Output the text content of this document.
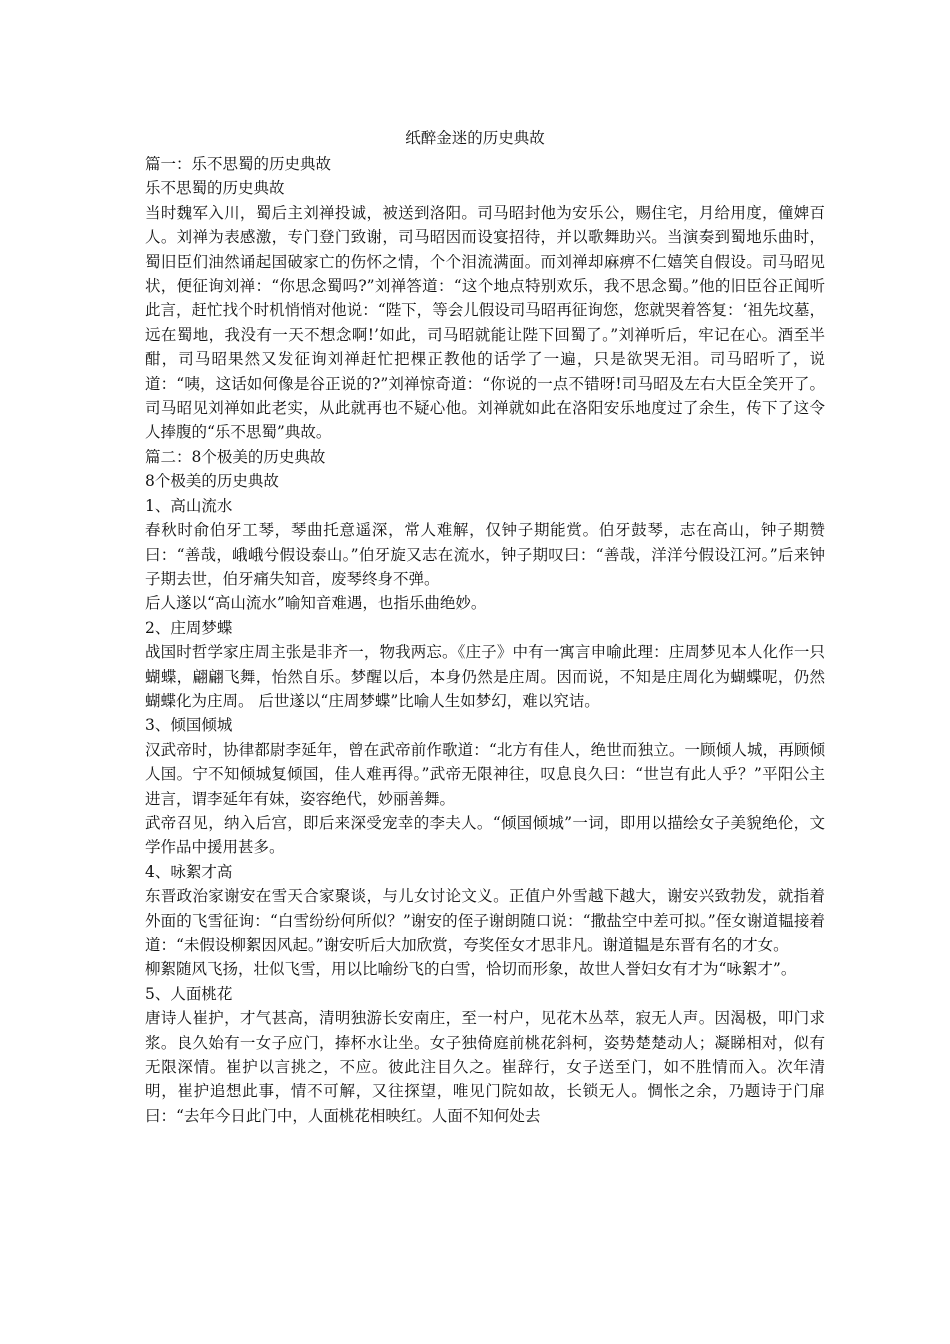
纸醉金迷的历史典故

篇一：乐不思蜀的历史典故

乐不思蜀的历史典故

当时魏军入川，蜀后主刘禅投诚，被送到洛阳。司马昭封他为安乐公，赐住宅，月给用度，僮婢百人。刘禅为表感激，专门登门致谢，司马昭因而设宴招待，并以歌舞助兴。当演奏到蜀地乐曲时，蜀旧臣们油然诵起国破家亡的伤怀之情，个个泪流满面。而刘禅却麻痹不仁嬉笑自假设。司马昭见状，便征询刘禅：“你思念蜀吗?”刘禅答道：“这个地点特别欢乐，我不思念蜀。”他的旧臣谷正闻听此言，赶忙找个时机悄悄对他说：“陛下，等会儿假设司马昭再征询您，您就哭着答复：‘祖先坟墓，远在蜀地，我没有一天不想念啊!’如此，司马昭就能让陛下回蜀了。”刘禅听后，牢记在心。酒至半酣，司马昭果然又发征询刘禅赶忙把棵正教他的话学了一遍，只是欲哭无泪。司马昭听了，说道：“咦，这话如何像是谷正说的?”刘禅惊奇道：“你说的一点不错呀!司马昭及左右大臣全笑开了。司马昭见刘禅如此老实，从此就再也不疑心他。刘禅就如此在洛阳安乐地度过了余生，传下了这令人捧腹的“乐不思蜀”典故。

篇二：8个极美的历史典故

8个极美的历史典故

1、高山流水

春秋时俞伯牙工琴，琴曲托意遥深，常人难解，仅钟子期能赏。伯牙鼓琴，志在高山，钟子期赞曰：“善哉，峨峨兮假设泰山。”伯牙旋又志在流水，钟子期叹曰：“善哉，洋洋兮假设江河。”后来钟子期去世，伯牙痛失知音，废琴终身不弹。

后人遂以“高山流水”喻知音难遇，也指乐曲绝妙。

2、庄周梦蝶

战国时哲学家庄周主张是非齐一，物我两忘。《庄子》中有一寓言申喻此理：庄周梦见本人化作一只蝴蝶，翩翩飞舞，怡然自乐。梦醒以后，本身仍然是庄周。因而说，不知是庄周化为蝴蝶呢，仍然蝴蝶化为庄周。 后世遂以“庄周梦蝶”比喻人生如梦幻，难以究诘。

3、倾国倾城

汉武帝时，协律都尉李延年，曾在武帝前作歌道：“北方有佳人，绝世而独立。一顾倾人城，再顾倾人国。宁不知倾城复倾国，佳人难再得。”武帝无限神往，叹息良久曰：“世岂有此人乎？”平阳公主进言，谓李延年有妹，姿容绝代，妙丽善舞。

武帝召见，纳入后宫，即后来深受宠幸的李夫人。“倾国倾城”一词，即用以描绘女子美貌绝伦，文学作品中援用甚多。

4、咏絮才高

东晋政治家谢安在雪天合家聚谈，与儿女讨论文义。正值户外雪越下越大，谢安兴致勃发，就指着外面的飞雪征询：“白雪纷纷何所似？”谢安的侄子谢朗随口说：“撒盐空中差可拟。”侄女谢道韫接着道：“未假设柳絮因风起。”谢安听后大加欣赏，夸奖侄女才思非凡。谢道韫是东晋有名的才女。

柳絮随风飞扬，壮似飞雪，用以比喻纷飞的白雪，恰切而形象，故世人誉妇女有才为“咏絮才”。

5、人面桃花

唐诗人崔护，才气甚高，清明独游长安南庄，至一村户，见花木丛萃，寂无人声。因渴极，叩门求浆。良久始有一女子应门，捧杯水让坐。女子独倚庭前桃花斜柯，姿势楚楚动人；凝睇相对，似有无限深情。崔护以言挑之，不应。彼此注目久之。崔辞行，女子送至门，如不胜情而入。次年清明，崔护追想此事，情不可解，又往探望，唯见门院如故，长锁无人。惆怅之余，乃题诗于门扉曰：“去年今日此门中，人面桃花相映红。人面不知何处去
